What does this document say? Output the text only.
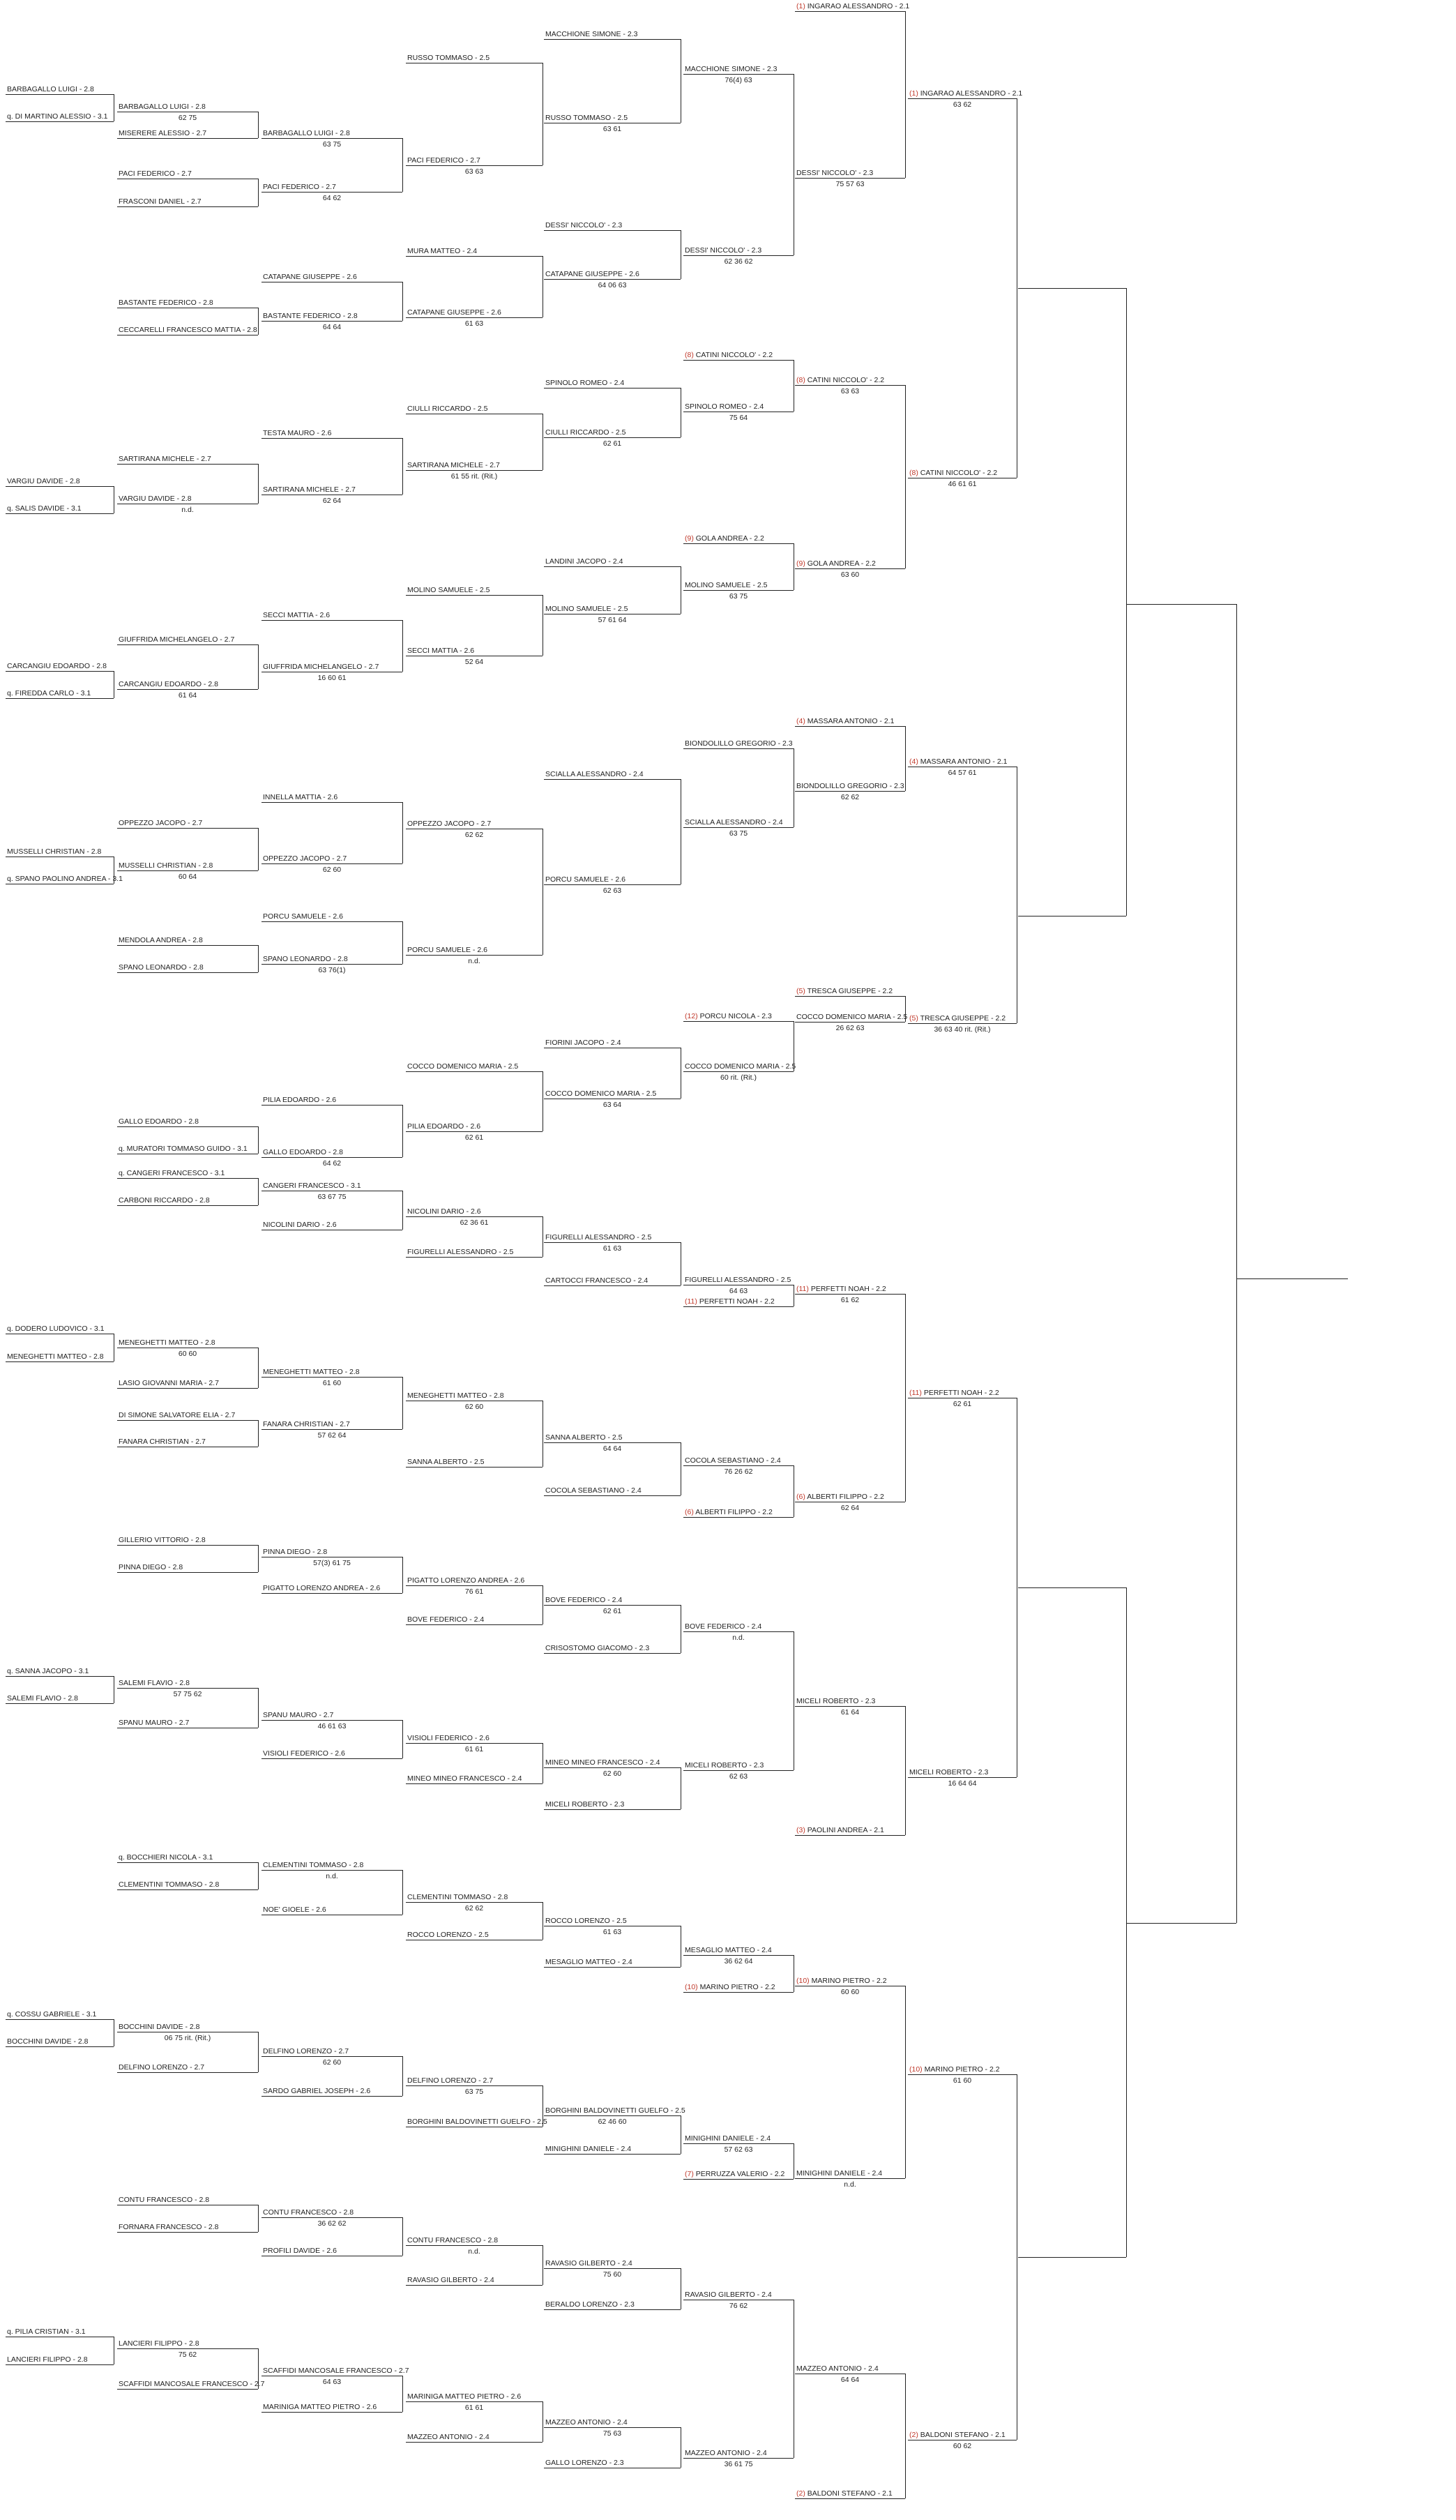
BARBAGALLO LUIGI - 2.8
q. DI MARTINO ALESSIO - 3.1
VARGIU DAVIDE - 2.8
q. SALIS DAVIDE - 3.1
CARCANGIU EDOARDO - 2.8
q. FIREDDA CARLO - 3.1
MUSSELLI CHRISTIAN - 2.8
q. SPANO PAOLINO ANDREA - 3.1
q. DODERO LUDOVICO - 3.1
MENEGHETTI MATTEO - 2.8
q. SANNA JACOPO - 3.1
SALEMI FLAVIO - 2.8
q. COSSU GABRIELE - 3.1
BOCCHINI DAVIDE - 2.8
q. PILIA CRISTIAN - 3.1
LANCIERI FILIPPO - 2.8
BARBAGALLO LUIGI - 2.8
62 75
MISERERE ALESSIO - 2.7
PACI FEDERICO - 2.7
FRASCONI DANIEL - 2.7
BASTANTE FEDERICO - 2.8
CECCARELLI FRANCESCO MATTIA - 2.8
SARTIRANA MICHELE - 2.7
VARGIU DAVIDE - 2.8
n.d.
GIUFFRIDA MICHELANGELO - 2.7
CARCANGIU EDOARDO - 2.8
61 64
OPPEZZO JACOPO - 2.7
MUSSELLI CHRISTIAN - 2.8
60 64
MENDOLA ANDREA - 2.8
SPANO LEONARDO - 2.8
GALLO EDOARDO - 2.8
q. MURATORI TOMMASO GUIDO - 3.1
q. CANGERI FRANCESCO - 3.1
CARBONI RICCARDO - 2.8
MENEGHETTI MATTEO - 2.8
60 60
LASIO GIOVANNI MARIA - 2.7
DI SIMONE SALVATORE ELIA - 2.7
FANARA CHRISTIAN - 2.7
GILLERIO VITTORIO - 2.8
PINNA DIEGO - 2.8
SALEMI FLAVIO - 2.8
57 75 62
SPANU MAURO - 2.7
q. BOCCHIERI NICOLA - 3.1
CLEMENTINI TOMMASO - 2.8
BOCCHINI DAVIDE - 2.8
06 75 rit. (Rit.)
DELFINO LORENZO - 2.7
CONTU FRANCESCO - 2.8
FORNARA FRANCESCO - 2.8
LANCIERI FILIPPO - 2.8
75 62
SCAFFIDI MANCOSALE FRANCESCO - 2.7
BARBAGALLO LUIGI - 2.8
63 75
PACI FEDERICO - 2.7
64 62
CATAPANE GIUSEPPE - 2.6
BASTANTE FEDERICO - 2.8
64 64
TESTA MAURO - 2.6
SARTIRANA MICHELE - 2.7
62 64
SECCI MATTIA - 2.6
GIUFFRIDA MICHELANGELO - 2.7
16 60 61
INNELLA MATTIA - 2.6
OPPEZZO JACOPO - 2.7
62 60
PORCU SAMUELE - 2.6
SPANO LEONARDO - 2.8
63 76(1)
PILIA EDOARDO - 2.6
GALLO EDOARDO - 2.8
64 62
CANGERI FRANCESCO - 3.1
63 67 75
NICOLINI DARIO - 2.6
MENEGHETTI MATTEO - 2.8
61 60
FANARA CHRISTIAN - 2.7
57 62 64
PINNA DIEGO - 2.8
57(3) 61 75
PIGATTO LORENZO ANDREA - 2.6
SPANU MAURO - 2.7
46 61 63
VISIOLI FEDERICO - 2.6
CLEMENTINI TOMMASO - 2.8
n.d.
NOE' GIOELE - 2.6
DELFINO LORENZO - 2.7
62 60
SARDO GABRIEL JOSEPH - 2.6
CONTU FRANCESCO - 2.8
36 62 62
PROFILI DAVIDE - 2.6
SCAFFIDI MANCOSALE FRANCESCO - 2.7
64 63
MARINIGA MATTEO PIETRO - 2.6
RUSSO TOMMASO - 2.5
PACI FEDERICO - 2.7
63 63
MURA MATTEO - 2.4
CATAPANE GIUSEPPE - 2.6
61 63
CIULLI RICCARDO - 2.5
SARTIRANA MICHELE - 2.7
61 55 rit. (Rit.)
MOLINO SAMUELE - 2.5
SECCI MATTIA - 2.6
52 64
OPPEZZO JACOPO - 2.7
62 62
PORCU SAMUELE - 2.6
n.d.
COCCO DOMENICO MARIA - 2.5
PILIA EDOARDO - 2.6
62 61
NICOLINI DARIO - 2.6
62 36 61
FIGURELLI ALESSANDRO - 2.5
MENEGHETTI MATTEO - 2.8
62 60
SANNA ALBERTO - 2.5
PIGATTO LORENZO ANDREA - 2.6
76 61
BOVE FEDERICO - 2.4
VISIOLI FEDERICO - 2.6
61 61
MINEO MINEO FRANCESCO - 2.4
CLEMENTINI TOMMASO - 2.8
62 62
ROCCO LORENZO - 2.5
DELFINO LORENZO - 2.7
63 75
BORGHINI BALDOVINETTI GUELFO - 2.5
CONTU FRANCESCO - 2.8
n.d.
RAVASIO GILBERTO - 2.4
MARINIGA MATTEO PIETRO - 2.6
61 61
MAZZEO ANTONIO - 2.4
MACCHIONE SIMONE - 2.3
RUSSO TOMMASO - 2.5
63 61
DESSI' NICCOLO' - 2.3
CATAPANE GIUSEPPE - 2.6
64 06 63
SPINOLO ROMEO - 2.4
CIULLI RICCARDO - 2.5
62 61
LANDINI JACOPO - 2.4
MOLINO SAMUELE - 2.5
57 61 64
SCIALLA ALESSANDRO - 2.4
PORCU SAMUELE - 2.6
62 63
FIORINI JACOPO - 2.4
COCCO DOMENICO MARIA - 2.5
63 64
FIGURELLI ALESSANDRO - 2.5
61 63
CARTOCCI FRANCESCO - 2.4
SANNA ALBERTO - 2.5
64 64
COCOLA SEBASTIANO - 2.4
BOVE FEDERICO - 2.4
62 61
CRISOSTOMO GIACOMO - 2.3
MINEO MINEO FRANCESCO - 2.4
62 60
MICELI ROBERTO - 2.3
ROCCO LORENZO - 2.5
61 63
MESAGLIO MATTEO - 2.4
BORGHINI BALDOVINETTI GUELFO - 2.5
62 46 60
MINIGHINI DANIELE - 2.4
RAVASIO GILBERTO - 2.4
75 60
BERALDO LORENZO - 2.3
MAZZEO ANTONIO - 2.4
75 63
GALLO LORENZO - 2.3
MACCHIONE SIMONE - 2.3
76(4) 63
DESSI' NICCOLO' - 2.3
62 36 62
(8) CATINI NICCOLO' - 2.2
SPINOLO ROMEO - 2.4
75 64
(9) GOLA ANDREA - 2.2
MOLINO SAMUELE - 2.5
63 75
BIONDOLILLO GREGORIO - 2.3
SCIALLA ALESSANDRO - 2.4
63 75
(12) PORCU NICOLA - 2.3
COCCO DOMENICO MARIA - 2.5
60 rit. (Rit.)
FIGURELLI ALESSANDRO - 2.5
64 63
(11) PERFETTI NOAH - 2.2
COCOLA SEBASTIANO - 2.4
76 26 62
(6) ALBERTI FILIPPO - 2.2
BOVE FEDERICO - 2.4
n.d.
MICELI ROBERTO - 2.3
62 63
MESAGLIO MATTEO - 2.4
36 62 64
(10) MARINO PIETRO - 2.2
MINIGHINI DANIELE - 2.4
57 62 63
(7) PERRUZZA VALERIO - 2.2
RAVASIO GILBERTO - 2.4
76 62
MAZZEO ANTONIO - 2.4
36 61 75
(1) INGARAO ALESSANDRO - 2.1
DESSI' NICCOLO' - 2.3
75 57 63
(8) CATINI NICCOLO' - 2.2
63 63
(9) GOLA ANDREA - 2.2
63 60
(4) MASSARA ANTONIO - 2.1
BIONDOLILLO GREGORIO - 2.3
62 62
(5) TRESCA GIUSEPPE - 2.2
COCCO DOMENICO MARIA - 2.5
26 62 63
(11) PERFETTI NOAH - 2.2
61 62
(6) ALBERTI FILIPPO - 2.2
62 64
MICELI ROBERTO - 2.3
61 64
(3) PAOLINI ANDREA - 2.1
(10) MARINO PIETRO - 2.2
60 60
MINIGHINI DANIELE - 2.4
n.d.
MAZZEO ANTONIO - 2.4
64 64
(2) BALDONI STEFANO - 2.1
(1) INGARAO ALESSANDRO - 2.1
63 62
(8) CATINI NICCOLO' - 2.2
46 61 61
(4) MASSARA ANTONIO - 2.1
64 57 61
(5) TRESCA GIUSEPPE - 2.2
36 63 40 rit. (Rit.)
(11) PERFETTI NOAH - 2.2
62 61
MICELI ROBERTO - 2.3
16 64 64
(10) MARINO PIETRO - 2.2
61 60
(2) BALDONI STEFANO - 2.1
60 62
